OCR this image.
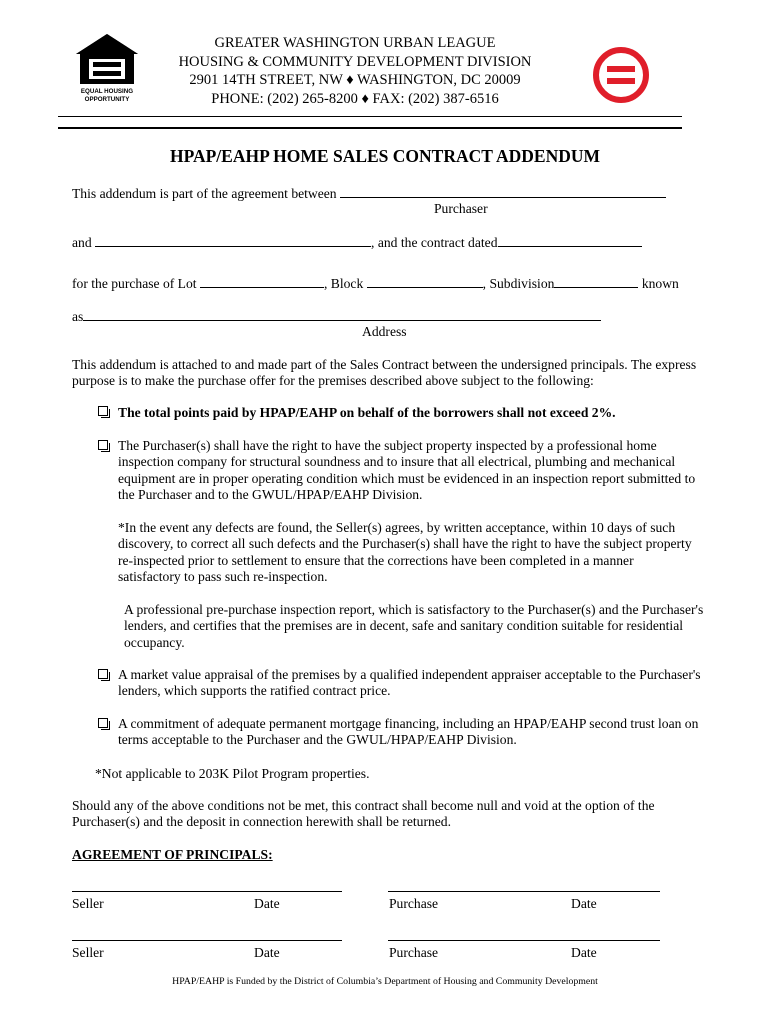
EQUAL HOUSING
OPPORTUNITY
GREATER WASHINGTON URBAN LEAGUE
HOUSING & COMMUNITY DEVELOPMENT DIVISION
2901 14TH STREET, NW ♦ WASHINGTON, DC 20009
PHONE: (202) 265-8200 ♦ FAX: (202) 387-6516
HPAP/EAHP HOME SALES CONTRACT ADDENDUM
This addendum is part of the agreement between
Purchaser
and	, and the contract dated
for the purchase of Lot	, Block	, Subdivision	known
as
Address
This addendum is attached to and made part of the Sales Contract between the undersigned principals. The express purpose is to make the purchase offer for the premises described above subject to the following:
The total points paid by HPAP/EAHP on behalf of the borrowers shall not exceed 2%.
The Purchaser(s) shall have the right to have the subject property inspected by a professional home inspection company for structural soundness and to insure that all electrical, plumbing and mechanical equipment are in proper operating condition which must be evidenced in an inspection report submitted to the Purchaser and to the GWUL/HPAP/EAHP Division.
*In the event any defects are found, the Seller(s) agrees, by written acceptance, within 10 days of such discovery, to correct all such defects and the Purchaser(s) shall have the right to have the subject property re-inspected prior to settlement to ensure that the corrections have been completed in a manner satisfactory to pass such re-inspection.
A professional pre-purchase inspection report, which is satisfactory to the Purchaser(s) and the Purchaser's lenders, and certifies that the premises are in decent, safe and sanitary condition suitable for residential occupancy.
A market value appraisal of the premises by a qualified independent appraiser acceptable to the Purchaser's lenders, which supports the ratified contract price.
A commitment of adequate permanent mortgage financing, including an HPAP/EAHP second trust loan on terms acceptable to the Purchaser and the GWUL/HPAP/EAHP Division.
*Not applicable to 203K Pilot Program properties.
Should any of the above conditions not be met, this contract shall become null and void at the option of the Purchaser(s) and the deposit in connection herewith shall be returned.
AGREEMENT OF PRINCIPALS:
Seller	Date	Purchase	Date
Seller	Date	Purchase	Date
HPAP/EAHP is Funded by the District of Columbia’s Department of Housing and Community Development
